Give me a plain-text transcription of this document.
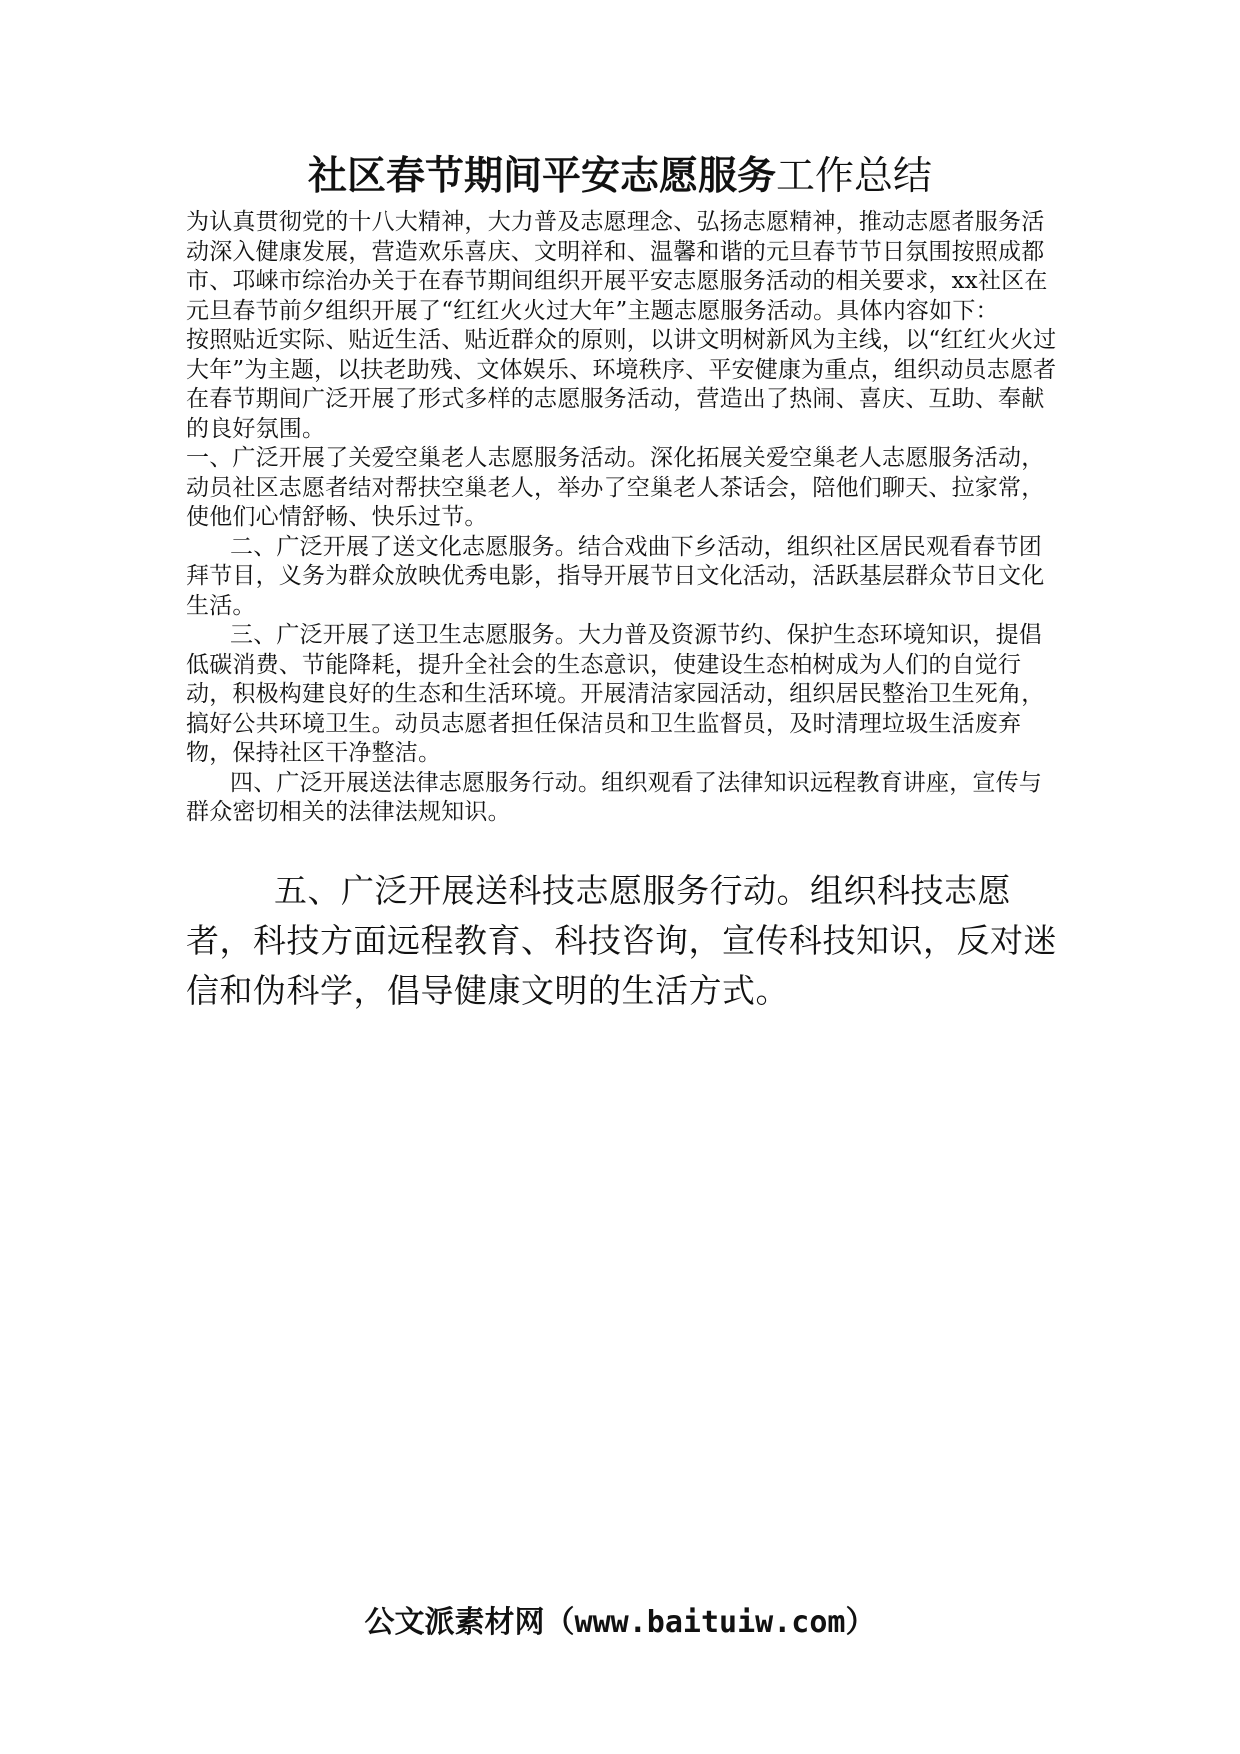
社区春节期间平安志愿服务工作总结

为认真贯彻党的十八大精神，大力普及志愿理念、弘扬志愿精神，推动志愿者服务活动深入健康发展，营造欢乐喜庆、文明祥和、温馨和谐的元旦春节节日氛围按照成都市、邛崃市综治办关于在春节期间组织开展平安志愿服务活动的相关要求，xx社区在元旦春节前夕组织开展了“红红火火过大年”主题志愿服务活动。具体内容如下：

按照贴近实际、贴近生活、贴近群众的原则，以讲文明树新风为主线，以“红红火火过大年”为主题，以扶老助残、文体娱乐、环境秩序、平安健康为重点，组织动员志愿者在春节期间广泛开展了形式多样的志愿服务活动，营造出了热闹、喜庆、互助、奉献的良好氛围。

一、广泛开展了关爱空巢老人志愿服务活动。深化拓展关爱空巢老人志愿服务活动，动员社区志愿者结对帮扶空巢老人，举办了空巢老人茶话会，陪他们聊天、拉家常，使他们心情舒畅、快乐过节。

二、广泛开展了送文化志愿服务。结合戏曲下乡活动，组织社区居民观看春节团拜节目，义务为群众放映优秀电影，指导开展节日文化活动，活跃基层群众节日文化生活。

三、广泛开展了送卫生志愿服务。大力普及资源节约、保护生态环境知识，提倡低碳消费、节能降耗，提升全社会的生态意识，使建设生态柏树成为人们的自觉行动，积极构建良好的生态和生活环境。开展清洁家园活动，组织居民整治卫生死角，搞好公共环境卫生。动员志愿者担任保洁员和卫生监督员，及时清理垃圾生活废弃物，保持社区干净整洁。

四、广泛开展送法律志愿服务行动。组织观看了法律知识远程教育讲座，宣传与群众密切相关的法律法规知识。

五、广泛开展送科技志愿服务行动。组织科技志愿者，科技方面远程教育、科技咨询，宣传科技知识，反对迷信和伪科学，倡导健康文明的生活方式。

公文派素材网（www.baituiw.com）
